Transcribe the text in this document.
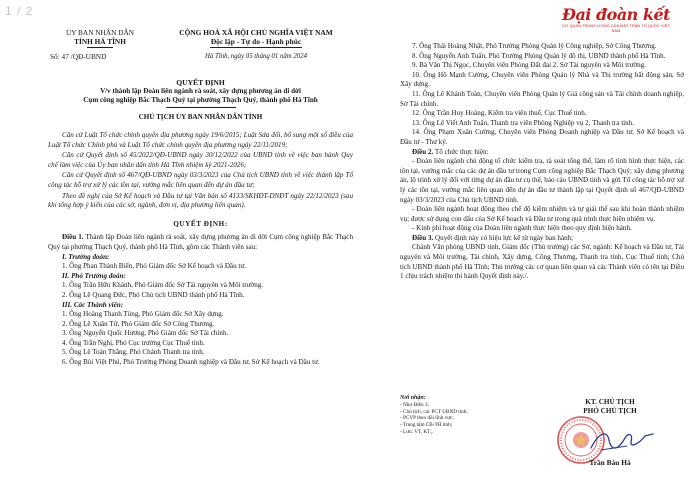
1 / 2
ỦY BAN NHÂN DÂN
TỈNH HÀ TĨNH
Số: 47 /QĐ-UBND
CỘNG HOÀ XÃ HỘI CHỦ NGHĨA VIỆT NAM
Độc lập - Tự do - Hạnh phúc
Hà Tĩnh, ngày 05 tháng 01 năm 2024
QUYẾT ĐỊNH
V/v thành lập Đoàn liên ngành rà soát, xây dựng phương án di dời
Cụm công nghiệp Bắc Thạch Quý tại phường Thạch Quý, thành phố Hà Tĩnh
CHỦ TỊCH ỦY BAN NHÂN DÂN TỈNH

Căn cứ Luật Tổ chức chính quyền địa phương ngày 19/6/2015; Luật Sửa đổi, bổ sung một số điều của Luật Tổ chức Chính phủ và Luật Tổ chức chính quyền địa phương ngày 22/11/2019;

Căn cứ Quyết định số 45/2022/QĐ-UBND ngày 30/12/2022 của UBND tỉnh về việc ban hành Quy chế làm việc của Ủy ban nhân dân tỉnh Hà Tĩnh nhiệm kỳ 2021-2026;

Căn cứ Quyết định số 467/QĐ-UBND ngày 03/3/2023 của Chủ tịch UBND tỉnh về việc thành lập Tổ công tác hỗ trợ xử lý các tồn tại, vướng mắc liên quan đến dự án đầu tư;

Theo đề nghị của Sở Kế hoạch và Đầu tư tại Văn bản số 4133/SKHĐT-DNĐT ngày 22/12/2023 (sau khi tổng hợp ý kiến của các sở, ngành, đơn vị, địa phương liên quan).

QUYẾT ĐỊNH:

Điều 1. Thành lập Đoàn liên ngành rà soát, xây dựng phương án di dời Cụm công nghiệp Bắc Thạch Quý tại phường Thạch Quý, thành phố Hà Tĩnh, gồm các Thành viên sau:

I. Trưởng đoàn:

1. Ông Phan Thành Biển, Phó Giám đốc Sở Kế hoạch và Đầu tư.

II. Phó Trưởng đoàn:

1. Ông Trần Hữu Khánh, Phó Giám đốc Sở Tài nguyên và Môi trường.

2. Ông Lê Quang Đức, Phó Chủ tịch UBND thành phố Hà Tĩnh.

III. Các Thành viên:

1. Ông Hoàng Thanh Tùng, Phó Giám đốc Sở Xây dựng.

2. Ông Lê Xuân Tứ, Phó Giám đốc Sở Công Thương.

3. Ông Nguyễn Quốc Hương, Phó Giám đốc Sở Tài chính.

4. Ông Trần Nghị, Phó Cục trưởng Cục Thuế tỉnh.

5. Ông Lê Toàn Thắng, Phó Chánh Thanh tra tỉnh.

6. Ông Bùi Việt Phú, Phó Trưởng Phòng Doanh nghiệp và Đầu tư, Sở Kế hoạch và Đầu tư.

Đại đoàn kết
CƠ QUAN TRUNG ƯƠNG CỦA MẶT TRẬN TỔ QUỐC VIỆT NAM

7. Ông Thái Hoàng Nhật, Phó Trưởng Phòng Quản lý Công nghiệp, Sở Công Thương.

8. Ông Nguyễn Anh Tuấn, Phó Trưởng Phòng Quản lý đô thị, UBND thành phố Hà Tĩnh.

9. Bà Văn Thị Ngọc, Chuyên viên Phòng Đất đai 2, Sở Tài nguyên và Môi trường.

10. Ông Hồ Mạnh Cường, Chuyên viên Phòng Quản lý Nhà và Thị trường bất động sản, Sở Xây dựng.

11. Ông Lê Khánh Toàn, Chuyên viên Phòng Quản lý Giá công sản và Tài chính doanh nghiệp, Sở Tài chính.

12. Ông Trần Huy Hoàng, Kiểm tra viên thuế, Cục Thuế tỉnh.

13. Ông Lê Viết Anh Tuấn, Thanh tra viên Phòng Nghiệp vụ 2, Thanh tra tỉnh.

14. Ông Phạm Xuân Cường, Chuyên viên Phòng Doanh nghiệp và Đầu tư, Sở Kế hoạch và Đầu tư - Thư ký.

Điều 2. Tổ chức thực hiện:

- Đoàn liên ngành chủ động tổ chức kiểm tra, rà soát tổng thể, làm rõ tình hình thực hiện, các tồn tại, vướng mắc của các dự án đầu tư trong Cụm công nghiệp Bắc Thạch Quý; xây dựng phương án, lộ trình xử lý đối với từng dự án đầu tư cụ thể, báo cáo UBND tỉnh và gửi Tổ công tác hỗ trợ xử lý các tồn tại, vướng mắc liên quan đến dự án đầu tư thành lập tại Quyết định số 467/QĐ-UBND ngày 03/3/2023 của Chủ tịch UBND tỉnh.

- Đoàn liên ngành hoạt động theo chế độ kiêm nhiệm và tự giải thể sau khi hoàn thành nhiệm vụ; được sử dụng con dấu của Sở Kế hoạch và Đầu tư trong quá trình thực hiện nhiệm vụ.

- Kinh phí hoạt động của Đoàn liên ngành thực hiện theo quy định hiện hành.

Điều 3. Quyết định này có hiệu lực kể từ ngày ban hành;

Chánh Văn phòng UBND tỉnh, Giám đốc (Thủ trưởng) các Sở, ngành: Kế hoạch và Đầu tư, Tài nguyên và Môi trường, Tài chính, Xây dựng, Công Thương, Thanh tra tỉnh, Cục Thuế tỉnh; Chủ tịch UBND thành phố Hà Tĩnh; Thủ trưởng các cơ quan liên quan và các Thành viên có tên tại Điều 1 chịu trách nhiệm thi hành Quyết định này./.

Nơi nhận:
- Như Điều 3;
- Chủ tịch, các PCT UBND tỉnh;
- PCVP theo dõi lĩnh vực;
- Trung tâm CB-TH tỉnh;
- Lưu: VT, KT₁.
KT. CHỦ TỊCH
PHÓ CHỦ TỊCH
Trần Báu Hà
